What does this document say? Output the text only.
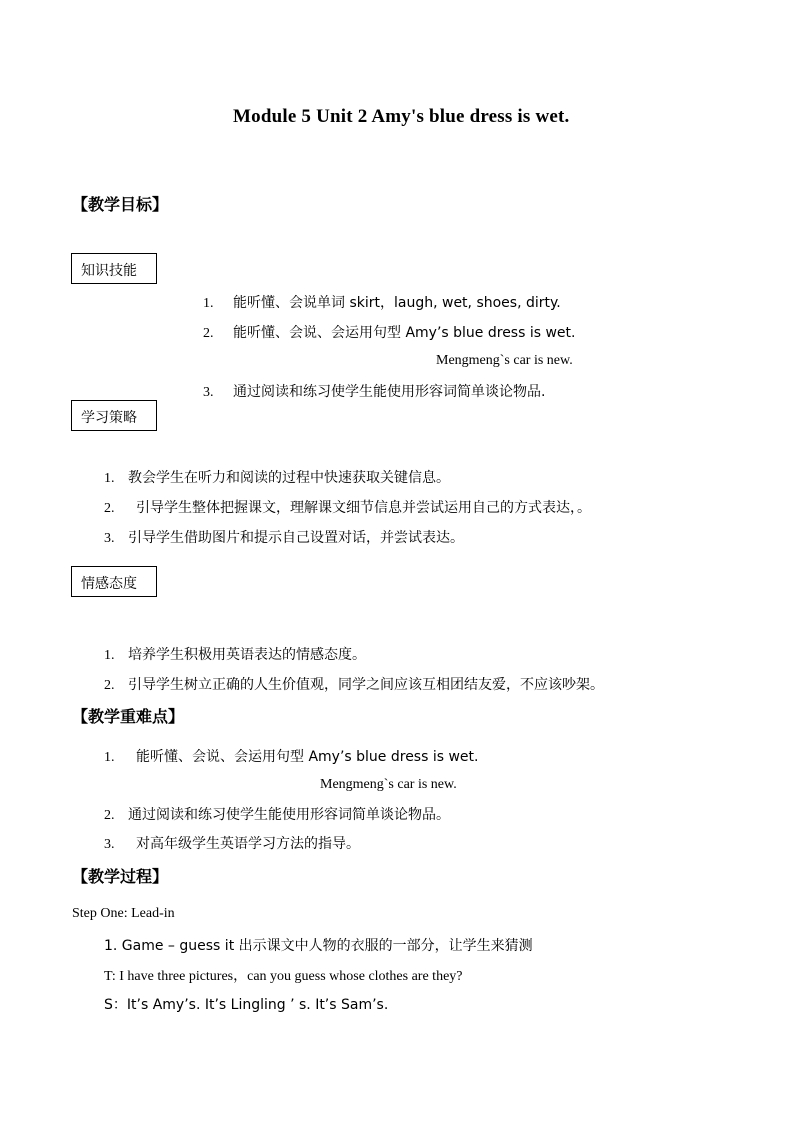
Module 5 Unit 2 Amy's blue dress is wet.
【教学目标】
知识技能
1. 能听懂、会说单词 skirt，laugh, wet, shoes, dirty.
2. 能听懂、会说、会运用句型 Amy’s blue dress is wet.
Mengmeng`s car is new.
3. 通过阅读和练习使学生能使用形容词简单谈论物品.
学习策略
1. 教会学生在听力和阅读的过程中快速获取关键信息。
2. 引导学生整体把握课文，理解课文细节信息并尝试运用自己的方式表达，。
3. 引导学生借助图片和提示自己设置对话，并尝试表达。
情感态度
1. 培养学生积极用英语表达的情感态度。
2. 引导学生树立正确的人生价值观，同学之间应该互相团结友爱，不应该吵架。
【教学重难点】
1. 能听懂、会说、会运用句型 Amy’s blue dress is wet.
Mengmeng`s car is new.
2. 通过阅读和练习使学生能使用形容词简单谈论物品。
3. 对高年级学生英语学习方法的指导。
【教学过程】
Step One: Lead-in
1. Game – guess it 出示课文中人物的衣服的一部分，让学生来猜测
T: I have three pictures，can you guess whose clothes are they?
S：It’s Amy’s. It’s Lingling ’ s. It’s Sam’s.
